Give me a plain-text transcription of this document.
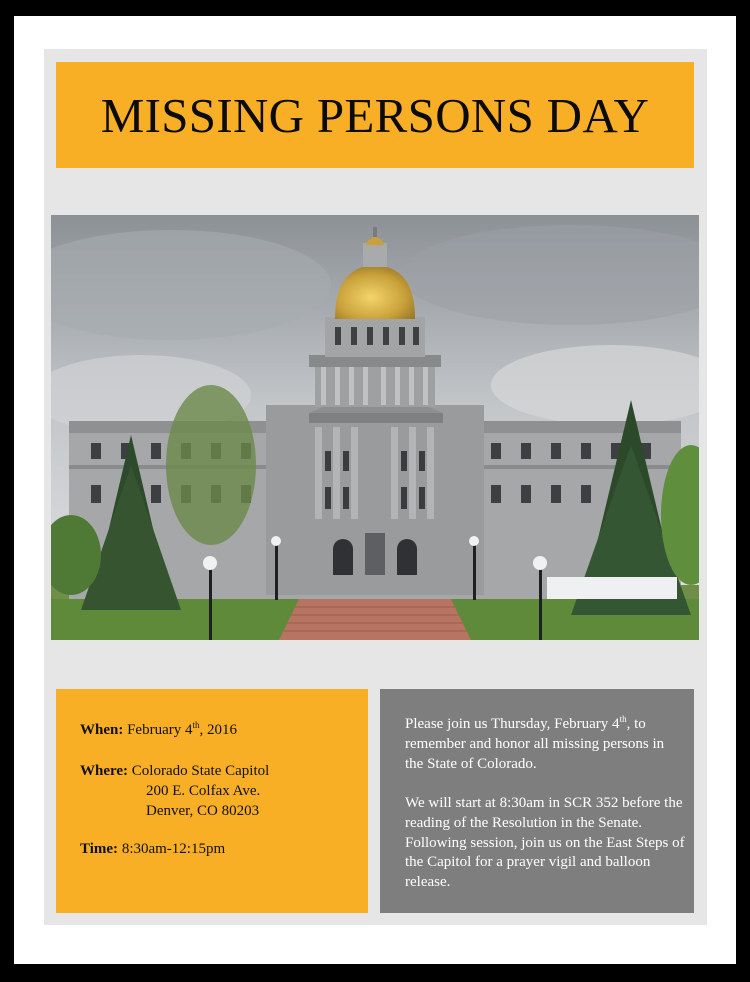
MISSING PERSONS DAY
When: February 4th, 2016
Where: Colorado State Capitol
200 E. Colfax Ave.
Denver, CO 80203
Time: 8:30am-12:15pm

Please join us Thursday, February 4th, to remember and honor all missing persons in the State of Colorado.

We will start at 8:30am in SCR 352 before the reading of the Resolution in the Senate. Following session, join us on the East Steps of the Capitol for a prayer vigil and balloon release.
